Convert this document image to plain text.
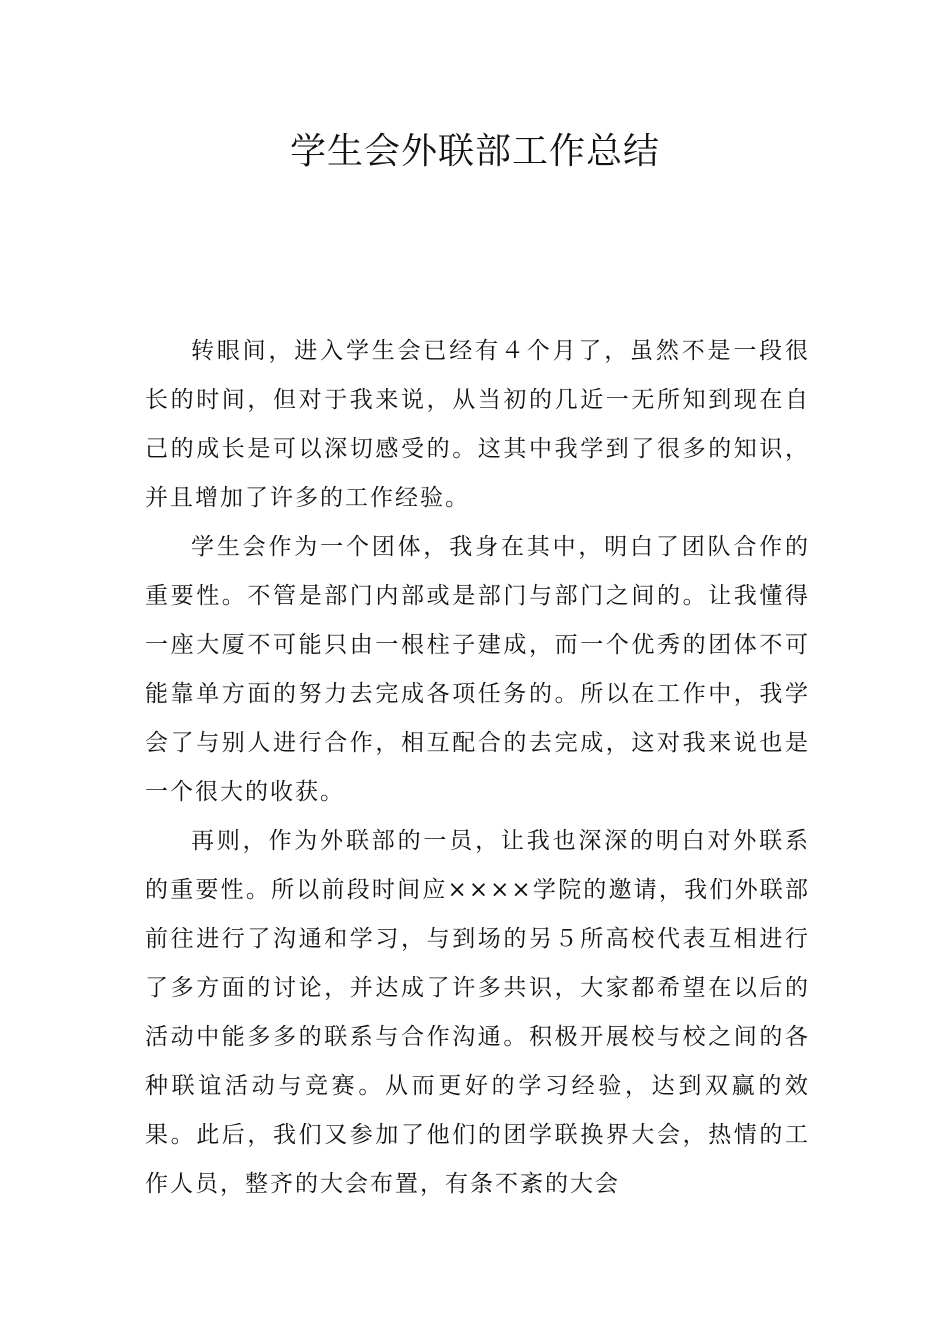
学生会外联部工作总结

转眼间，进入学生会已经有４个月了，虽然不是一段很长的时间，但对于我来说，从当初的几近一无所知到现在自己的成长是可以深切感受的。这其中我学到了很多的知识，并且增加了许多的工作经验。

学生会作为一个团体，我身在其中，明白了团队合作的重要性。不管是部门内部或是部门与部门之间的。让我懂得一座大厦不可能只由一根柱子建成，而一个优秀的团体不可能靠单方面的努力去完成各项任务的。所以在工作中，我学会了与别人进行合作，相互配合的去完成，这对我来说也是一个很大的收获。

再则，作为外联部的一员，让我也深深的明白对外联系的重要性。所以前段时间应××××学院的邀请，我们外联部前往进行了沟通和学习，与到场的另５所高校代表互相进行了多方面的讨论，并达成了许多共识，大家都希望在以后的活动中能多多的联系与合作沟通。积极开展校与校之间的各种联谊活动与竞赛。从而更好的学习经验，达到双赢的效果。此后，我们又参加了他们的团学联换界大会，热情的工作人员，整齐的大会布置，有条不紊的大会
